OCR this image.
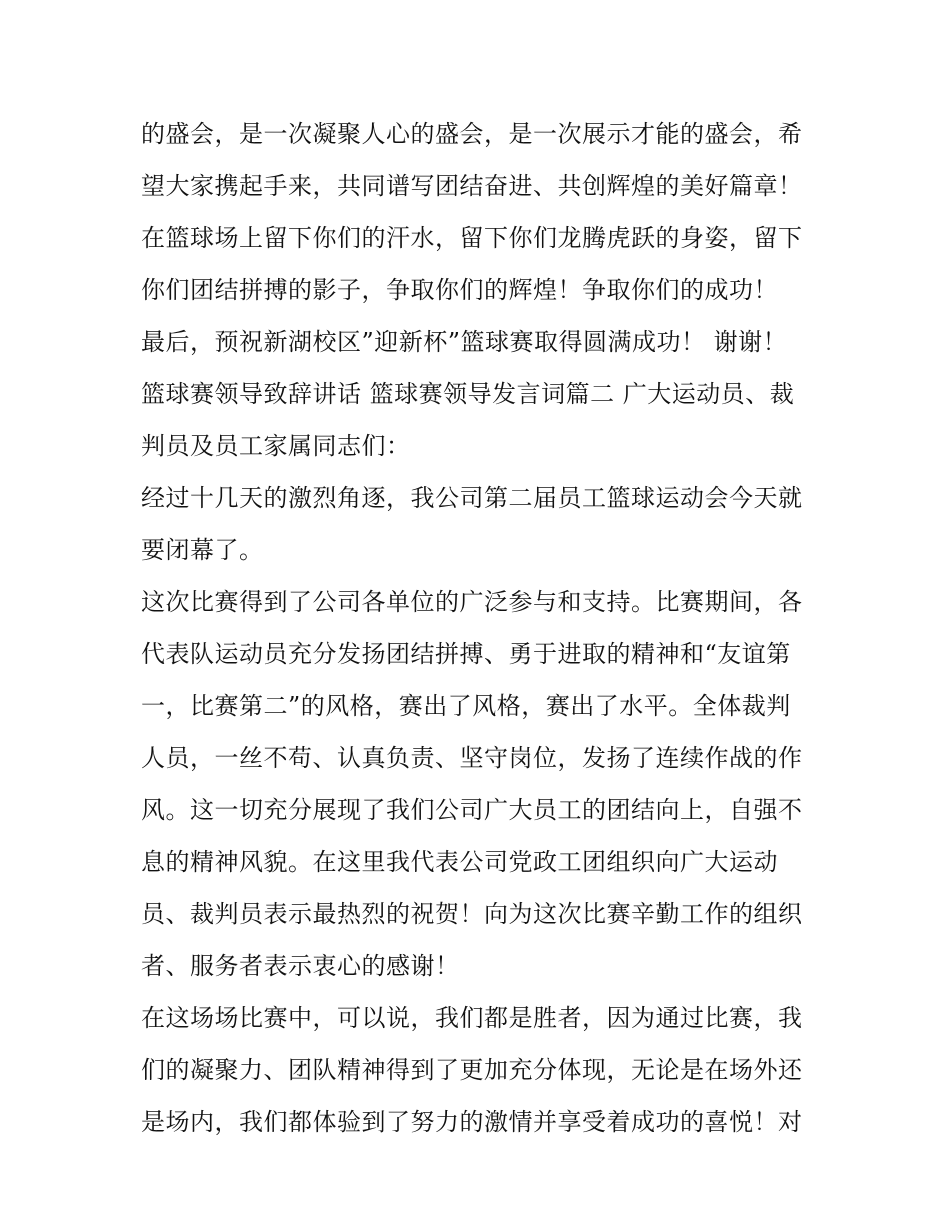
的盛会，是一次凝聚人心的盛会，是一次展示才能的盛会，希
望大家携起手来，共同谱写团结奋进、共创辉煌的美好篇章！
在篮球场上留下你们的汗水，留下你们龙腾虎跃的身姿，留下
你们团结拼搏的影子，争取你们的辉煌！争取你们的成功！
最后，预祝新湖校区”迎新杯”篮球赛取得圆满成功！ 谢谢！
篮球赛领导致辞讲话 篮球赛领导发言词篇二 广大运动员、裁
判员及员工家属同志们：
经过十几天的激烈角逐，我公司第二届员工篮球运动会今天就
要闭幕了。
这次比赛得到了公司各单位的广泛参与和支持。比赛期间，各
代表队运动员充分发扬团结拼搏、勇于进取的精神和“友谊第
一，比赛第二”的风格，赛出了风格，赛出了水平。全体裁判
人员，一丝不苟、认真负责、坚守岗位，发扬了连续作战的作
风。这一切充分展现了我们公司广大员工的团结向上，自强不
息的精神风貌。在这里我代表公司党政工团组织向广大运动
员、裁判员表示最热烈的祝贺！向为这次比赛辛勤工作的组织
者、服务者表示衷心的感谢！
在这场场比赛中，可以说，我们都是胜者，因为通过比赛，我
们的凝聚力、团队精神得到了更加充分体现，无论是在场外还
是场内，我们都体验到了努力的激情并享受着成功的喜悦！对
